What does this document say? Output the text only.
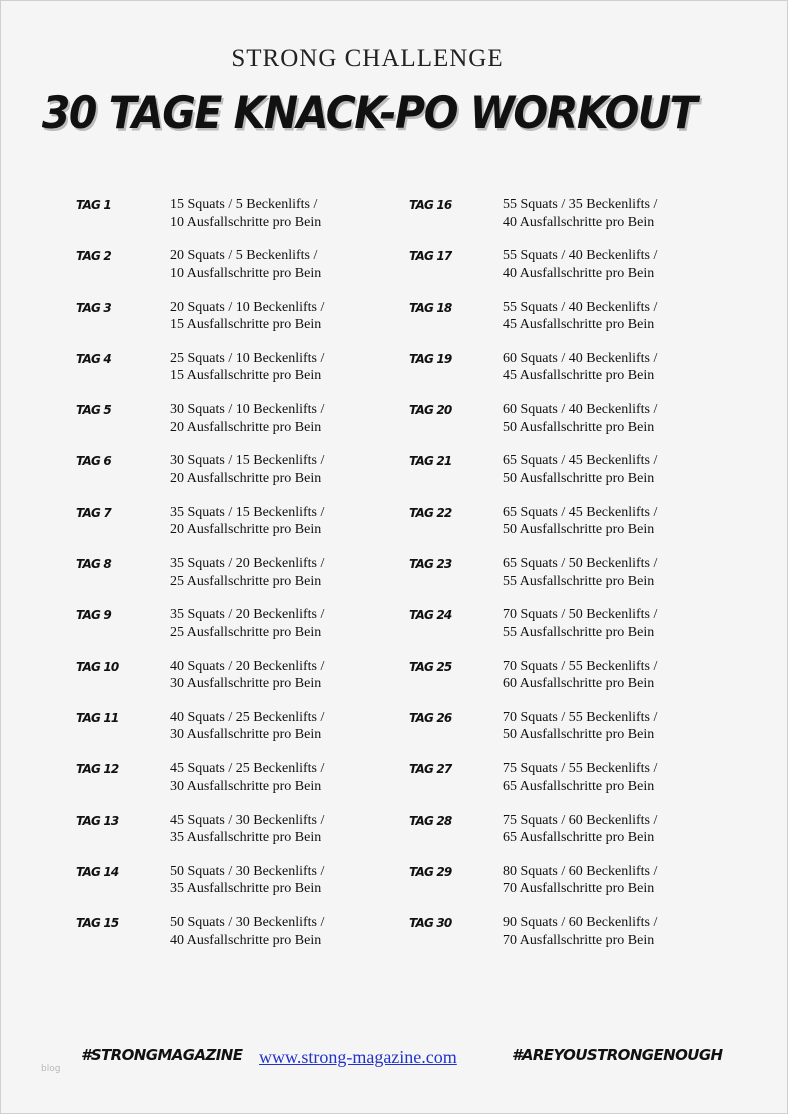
STRONG CHALLENGE
30 TAGE KNACK-PO WORKOUT
TAG 1	15 Squats / 5 Beckenlifts /
10 Ausfallschritte pro Bein
TAG 2	20 Squats / 5 Beckenlifts /
10 Ausfallschritte pro Bein
TAG 3	20 Squats / 10 Beckenlifts /
15 Ausfallschritte pro Bein
TAG 4	25 Squats / 10 Beckenlifts /
15 Ausfallschritte pro Bein
TAG 5	30 Squats / 10 Beckenlifts /
20 Ausfallschritte pro Bein
TAG 6	30 Squats / 15 Beckenlifts /
20 Ausfallschritte pro Bein
TAG 7	35 Squats / 15 Beckenlifts /
20 Ausfallschritte pro Bein
TAG 8	35 Squats / 20 Beckenlifts /
25 Ausfallschritte pro Bein
TAG 9	35 Squats / 20 Beckenlifts /
25 Ausfallschritte pro Bein
TAG 10	40 Squats / 20 Beckenlifts /
30 Ausfallschritte pro Bein
TAG 11	40 Squats / 25 Beckenlifts /
30 Ausfallschritte pro Bein
TAG 12	45 Squats / 25 Beckenlifts /
30 Ausfallschritte pro Bein
TAG 13	45 Squats / 30 Beckenlifts /
35 Ausfallschritte pro Bein
TAG 14	50 Squats / 30 Beckenlifts /
35 Ausfallschritte pro Bein
TAG 15	50 Squats / 30 Beckenlifts /
40 Ausfallschritte pro Bein
TAG 16	55 Squats / 35 Beckenlifts /
40 Ausfallschritte pro Bein
TAG 17	55 Squats / 40 Beckenlifts /
40 Ausfallschritte pro Bein
TAG 18	55 Squats / 40 Beckenlifts /
45 Ausfallschritte pro Bein
TAG 19	60 Squats / 40 Beckenlifts /
45 Ausfallschritte pro Bein
TAG 20	60 Squats / 40 Beckenlifts /
50 Ausfallschritte pro Bein
TAG 21	65 Squats / 45 Beckenlifts /
50 Ausfallschritte pro Bein
TAG 22	65 Squats / 45 Beckenlifts /
50 Ausfallschritte pro Bein
TAG 23	65 Squats / 50 Beckenlifts /
55 Ausfallschritte pro Bein
TAG 24	70 Squats / 50 Beckenlifts /
55 Ausfallschritte pro Bein
TAG 25	70 Squats / 55 Beckenlifts /
60 Ausfallschritte pro Bein
TAG 26	70 Squats / 55 Beckenlifts /
50 Ausfallschritte pro Bein
TAG 27	75 Squats / 55 Beckenlifts /
65 Ausfallschritte pro Bein
TAG 28	75 Squats / 60 Beckenlifts /
65 Ausfallschritte pro Bein
TAG 29	80 Squats / 60 Beckenlifts /
70 Ausfallschritte pro Bein
TAG 30	90 Squats / 60 Beckenlifts /
70 Ausfallschritte pro Bein
#STRONGMAGAZINE www.strong-magazine.com	#AREYOUSTRONGENOUGH
blog
